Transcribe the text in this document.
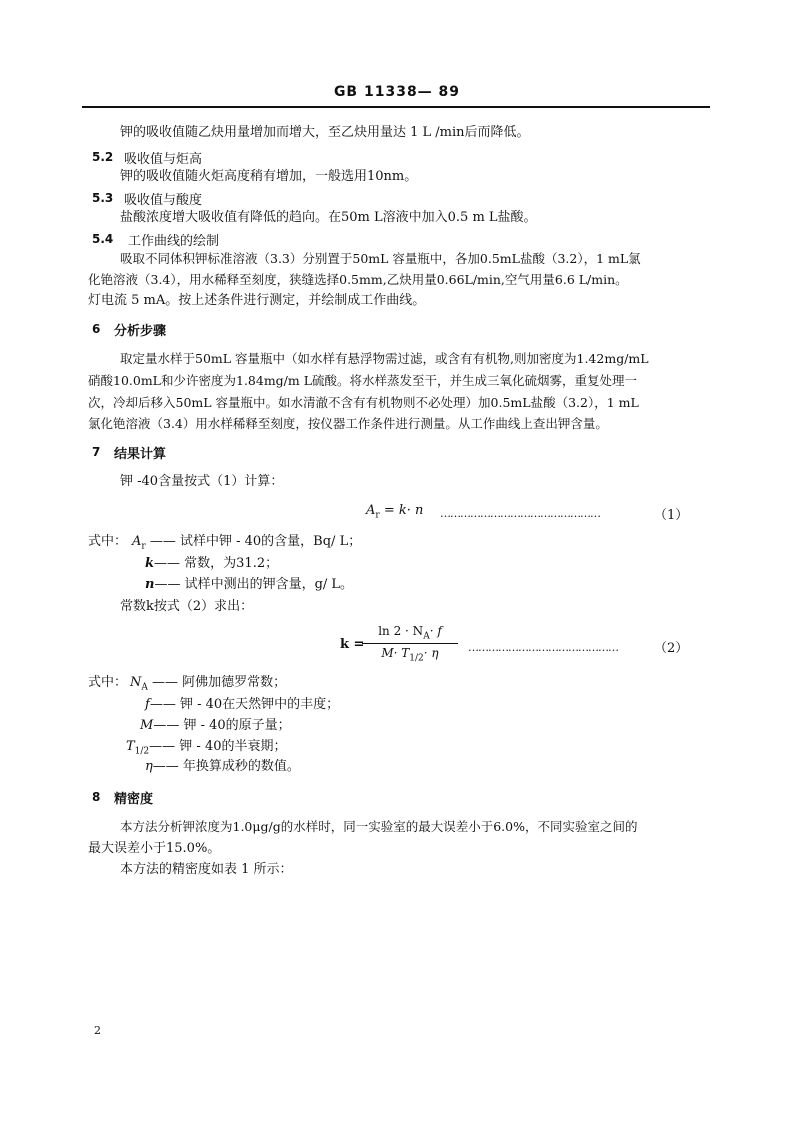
GB 11338— 89
钾的吸收值随乙炔用量增加而增大，至乙炔用量达 1 L /min后而降低。
5.2 吸收值与炬高
钾的吸收值随火炬高度稍有增加，一般选用10nm。
5.3 吸收值与酸度
盐酸浓度增大吸收值有降低的趋向。在50m L溶液中加入0.5 m L盐酸。
5.4 工作曲线的绘制
吸取不同体积钾标准溶液（3.3）分别置于50mL 容量瓶中，各加0.5mL盐酸（3.2），1 mL氯
化铯溶液（3.4），用水稀释至刻度，狭缝选择0.5mm,乙炔用量0.66L/min,空气用量6.6 L/min。
灯电流 5 mA。按上述条件进行测定，并绘制成工作曲线。
6 分析步骤
取定量水样于50mL 容量瓶中（如水样有悬浮物需过滤，或含有有机物,则加密度为1.42mg/mL
硝酸10.0mL和少许密度为1.84mg/m L硫酸。将水样蒸发至干，并生成三氧化硫烟雾，重复处理一
次，冷却后移入50mL 容量瓶中。如水清澈不含有有机物则不必处理）加0.5mL盐酸（3.2），1 mL
氯化铯溶液（3.4）用水样稀释至刻度，按仪器工作条件进行测量。从工作曲线上查出钾含量。
7 结果计算
钾 -40含量按式（1）计算：
$A_r = k\cdot n$ …………………………………………	（1）
式中： $A_r$ —— 试样中钾 - 40的含量，Bq/ L；
k—— 常数，为31.2；
n—— 试样中测出的钾含量，g/ L。
常数k按式（2）求出：
k =
$\ln 2 \cdot N_A\cdot f$
$M\cdot T_{1/2}\cdot \eta$	………………………………………	（2）
式中： $N_A$ —— 阿佛加德罗常数；
f—— 钾 - 40在天然钾中的丰度；
M—— 钾 - 40的原子量；
$T_{1/2}——$ 钾 - 40的半衰期；
η—— 年换算成秒的数值。
8 精密度
本方法分析钾浓度为1.0μg/g的水样时，同一实验室的最大误差小于6.0%，不同实验室之间的
最大误差小于15.0%。
本方法的精密度如表 1 所示：
2
